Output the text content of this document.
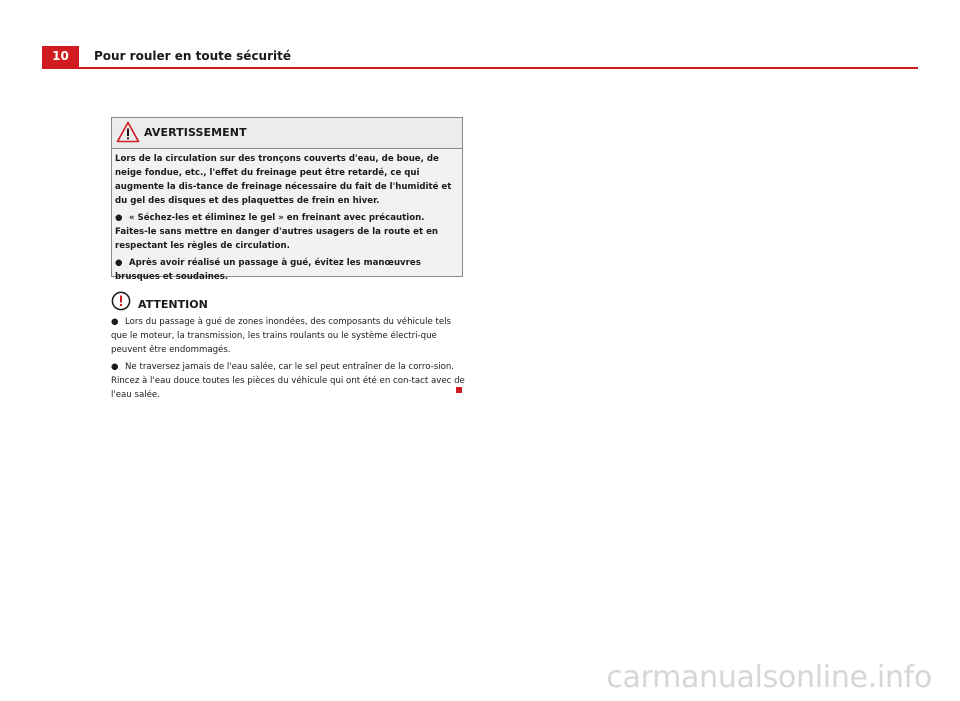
10	Pour rouler en toute sécurité
AVERTISSEMENT

Lors de la circulation sur des tronçons couverts d'eau, de boue, de neige fondue, etc., l'effet du freinage peut être retardé, ce qui augmente la dis-tance de freinage nécessaire du fait de l'humidité et du gel des disques et des plaquettes de frein en hiver.

● « Séchez-les et éliminez le gel » en freinant avec précaution. Faites-le sans mettre en danger d'autres usagers de la route et en respectant les règles de circulation.

● Après avoir réalisé un passage à gué, évitez les manœuvres brusques et soudaines.

ATTENTION

● Lors du passage à gué de zones inondées, des composants du véhicule tels que le moteur, la transmission, les trains roulants ou le système électri-que peuvent être endommagés.

● Ne traversez jamais de l'eau salée, car le sel peut entraîner de la corro-sion. Rincez à l'eau douce toutes les pièces du véhicule qui ont été en con-tact avec de l'eau salée.

carmanualsonline.info
